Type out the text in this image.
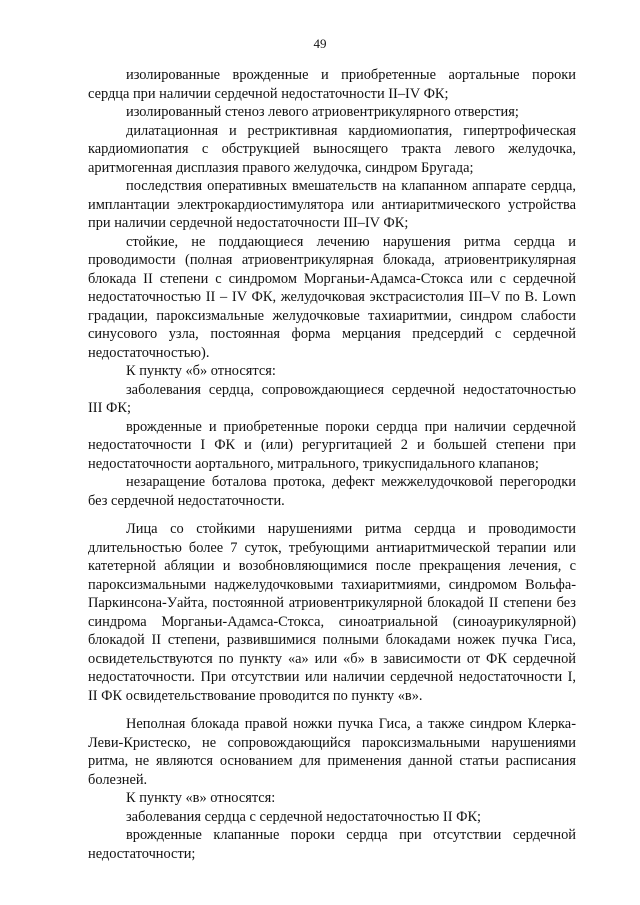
49

изолированные врожденные и приобретенные аортальные пороки сердца при наличии сердечной недостаточности II–IV ФК;

изолированный стеноз левого атриовентрикулярного отверстия;

дилатационная и рестриктивная кардиомиопатия, гипертрофическая кардиомиопатия с обструкцией выносящего тракта левого желудочка, аритмогенная дисплазия правого желудочка, синдром Бругада;

последствия оперативных вмешательств на клапанном аппарате сердца, имплантации электрокардиостимулятора или антиаритмического устройства при наличии сердечной недостаточности III–IV ФК;

стойкие, не поддающиеся лечению нарушения ритма сердца и проводимости (полная атриовентрикулярная блокада, атриовентрикулярная блокада II степени с синдромом Морганьи-Адамса-Стокса или с сердечной недостаточностью II – IV ФК, желудочковая экстрасистолия III–V по B. Lown градации, пароксизмальные желудочковые тахиаритмии, синдром слабости синусового узла, постоянная форма мерцания предсердий с сердечной недостаточностью).

К пункту «б» относятся:

заболевания сердца, сопровождающиеся сердечной недостаточностью III ФК;

врожденные и приобретенные пороки сердца при наличии сердечной недостаточности I ФК и (или) регургитацией 2 и большей степени при недостаточности аортального, митрального, трикуспидального клапанов;

незаращение боталова протока, дефект межжелудочковой перегородки без сердечной недостаточности.

Лица со стойкими нарушениями ритма сердца и проводимости длительностью более 7 суток, требующими антиаритмической терапии или катетерной абляции и возобновляющимися после прекращения лечения, с пароксизмальными наджелудочковыми тахиаритмиями, синдромом Вольфа-Паркинсона-Уайта, постоянной атриовентрикулярной блокадой II степени без синдрома Морганьи-Адамса-Стокса, синоатриальной (синоаурикулярной) блокадой II степени, развившимися полными блокадами ножек пучка Гиса, освидетельствуются по пункту «а» или «б» в зависимости от ФК сердечной недостаточности. При отсутствии или наличии сердечной недостаточности I, II ФК освидетельствование проводится по пункту «в».

Неполная блокада правой ножки пучка Гиса, а также синдром Клерка-Леви-Кристеско, не сопровождающийся пароксизмальными нарушениями ритма, не являются основанием для применения данной статьи расписания болезней.

К пункту «в» относятся:

заболевания сердца с сердечной недостаточностью II ФК;

врожденные клапанные пороки сердца при отсутствии сердечной недостаточности;
